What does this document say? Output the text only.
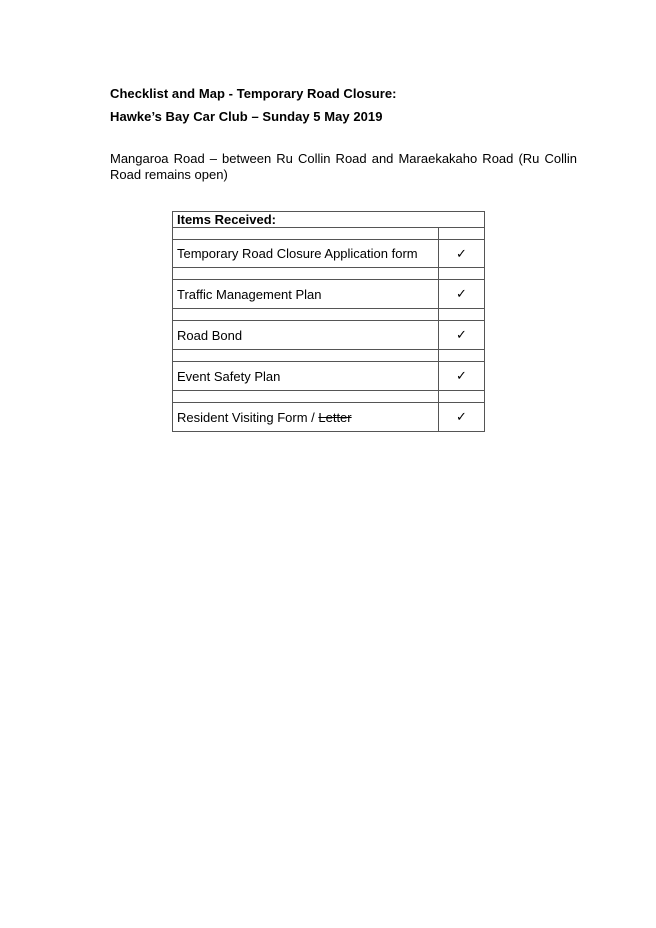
Checklist and Map - Temporary Road Closure:
Hawke’s Bay Car Club – Sunday 5 May 2019
Mangaroa Road – between Ru Collin Road and Maraekakaho Road (Ru Collin
Road remains open)
Items Received:	

Temporary Road Closure Application form	✓

Traffic Management Plan	✓

Road Bond	✓

Event Safety Plan	✓

Resident Visiting Form / Letter	✓
